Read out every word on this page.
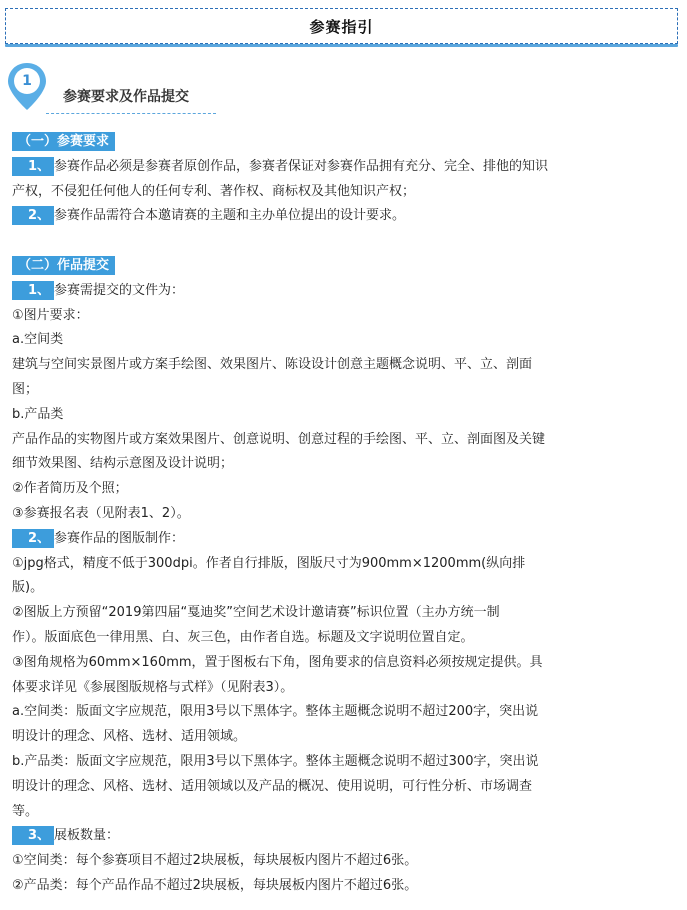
参赛指引
1
参赛要求及作品提交

（一）参赛要求

1、 参赛作品必须是参赛者原创作品，参赛者保证对参赛作品拥有充分、完全、排他的知识

产权，不侵犯任何他人的任何专利、著作权、商标权及其他知识产权；

2、 参赛作品需符合本邀请赛的主题和主办单位提出的设计要求。

（二）作品提交

1、 参赛需提交的文件为：

①图片要求：

a.空间类

建筑与空间实景图片或方案手绘图、效果图片、陈设设计创意主题概念说明、平、立、剖面

图；

b.产品类

产品作品的实物图片或方案效果图片、创意说明、创意过程的手绘图、平、立、剖面图及关键

细节效果图、结构示意图及设计说明；

②作者简历及个照；

③参赛报名表（见附表1、2）。

2、 参赛作品的图版制作：

①jpg格式，精度不低于300dpi。作者自行排版，图版尺寸为900mm×1200mm(纵向排

版)。

②图版上方预留“2019第四届“戛迪奖”空间艺术设计邀请赛”标识位置（主办方统一制

作）。版面底色一律用黑、白、灰三色，由作者自选。标题及文字说明位置自定。

③图角规格为60mm×160mm，置于图板右下角，图角要求的信息资料必须按规定提供。具

体要求详见《参展图版规格与式样》（见附表3）。

a.空间类：版面文字应规范，限用3号以下黑体字。整体主题概念说明不超过200字，突出说

明设计的理念、风格、选材、适用领域。

b.产品类：版面文字应规范，限用3号以下黑体字。整体主题概念说明不超过300字，突出说

明设计的理念、风格、选材、适用领域以及产品的概况、使用说明，可行性分析、市场调查

等。

3、 展板数量：

①空间类：每个参赛项目不超过2块展板，每块展板内图片不超过6张。

②产品类：每个产品作品不超过2块展板，每块展板内图片不超过6张。
